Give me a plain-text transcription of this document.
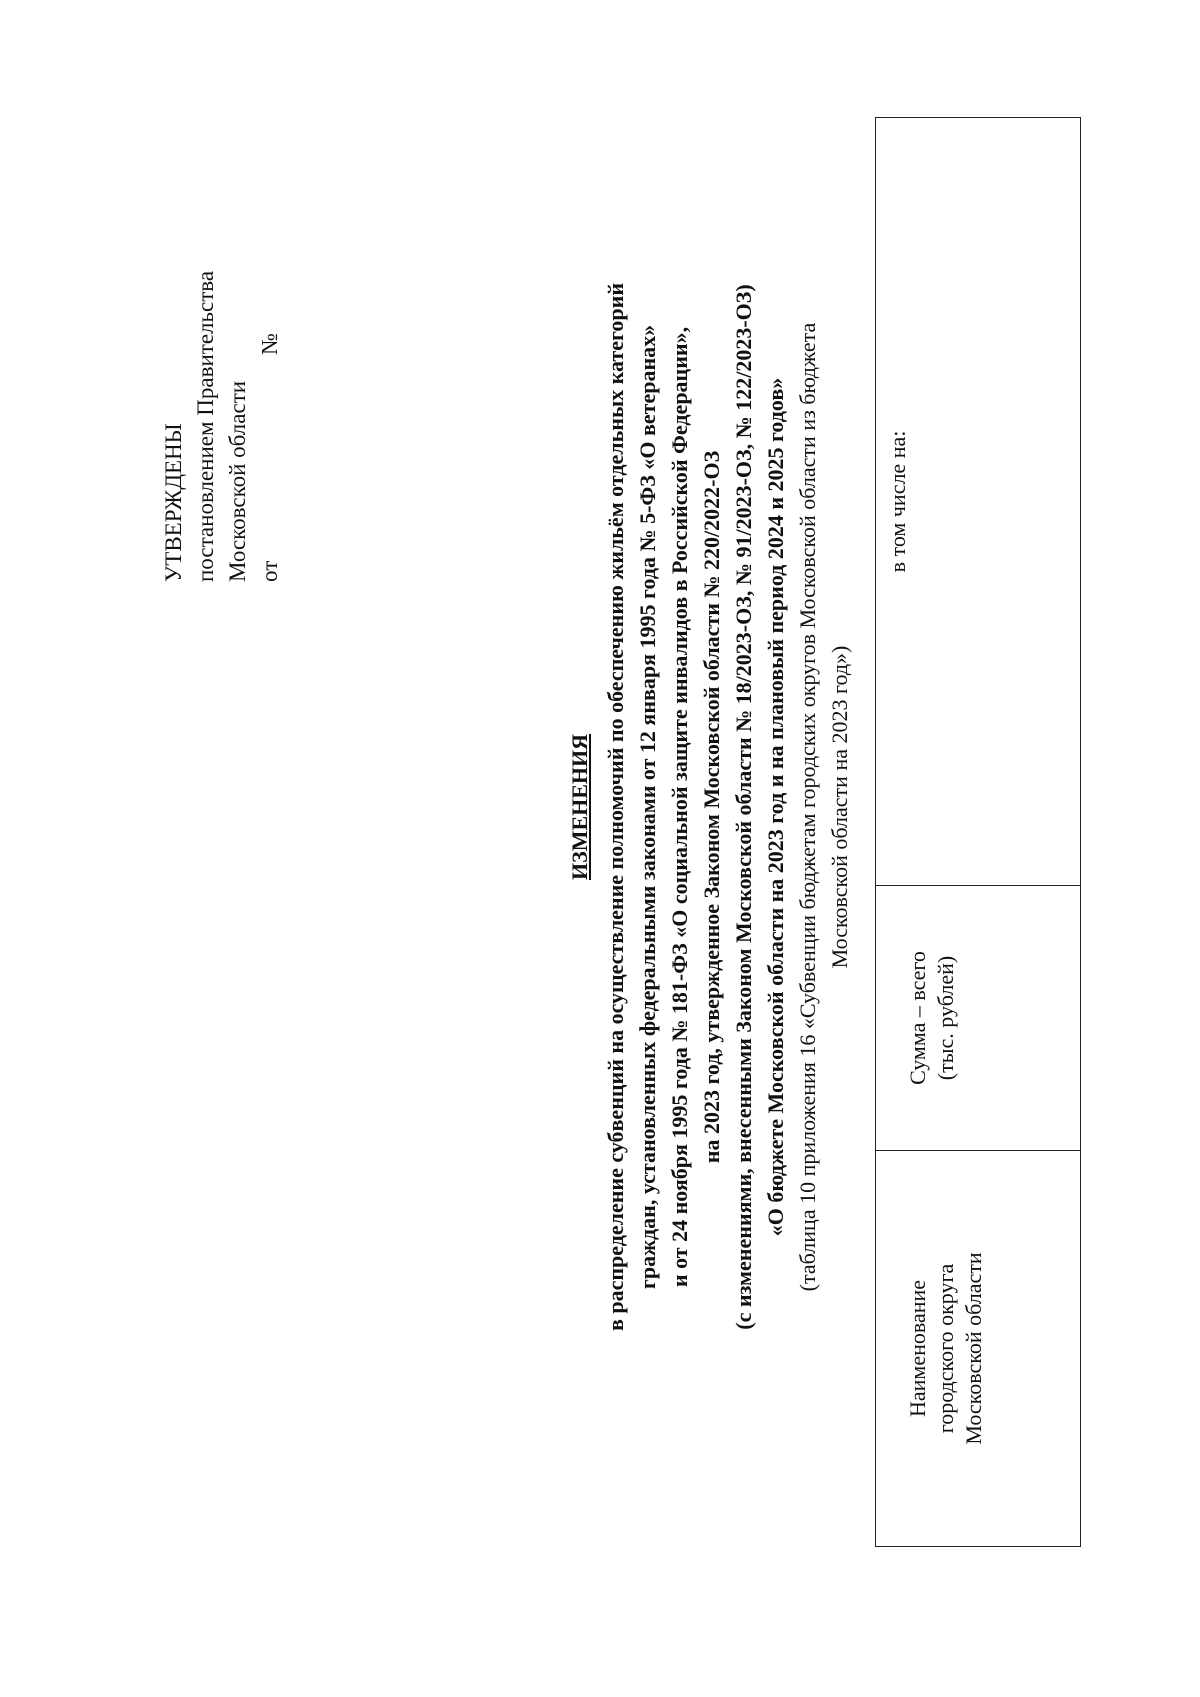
УТВЕРЖДЕНЫ постановлением Правительства Московской области от №
ИЗМЕНЕНИЯ в распределение субвенций на осуществление полномочий по обеспечению жильём отдельных категорий граждан, установленных федеральными законами от 12 января 1995 года № 5-ФЗ «О ветеранах» и от 24 ноября 1995 года № 181-ФЗ «О социальной защите инвалидов в Российской Федерации», на 2023 год, утвержденное Законом Московской области № 220/2022-ОЗ (с изменениями, внесенными Законом Московской области № 18/2023-ОЗ, № 91/2023-ОЗ, № 122/2023-ОЗ) «О бюджете Московской области на 2023 год и на плановый период 2024 и 2025 годов» (таблица 10 приложения 16 «Субвенции бюджетам городских округов Московской области из бюджета Московской области на 2023 год»)
Наименование городского округа Московской области
Сумма – всего (тыс. рублей)
в том числе на:
